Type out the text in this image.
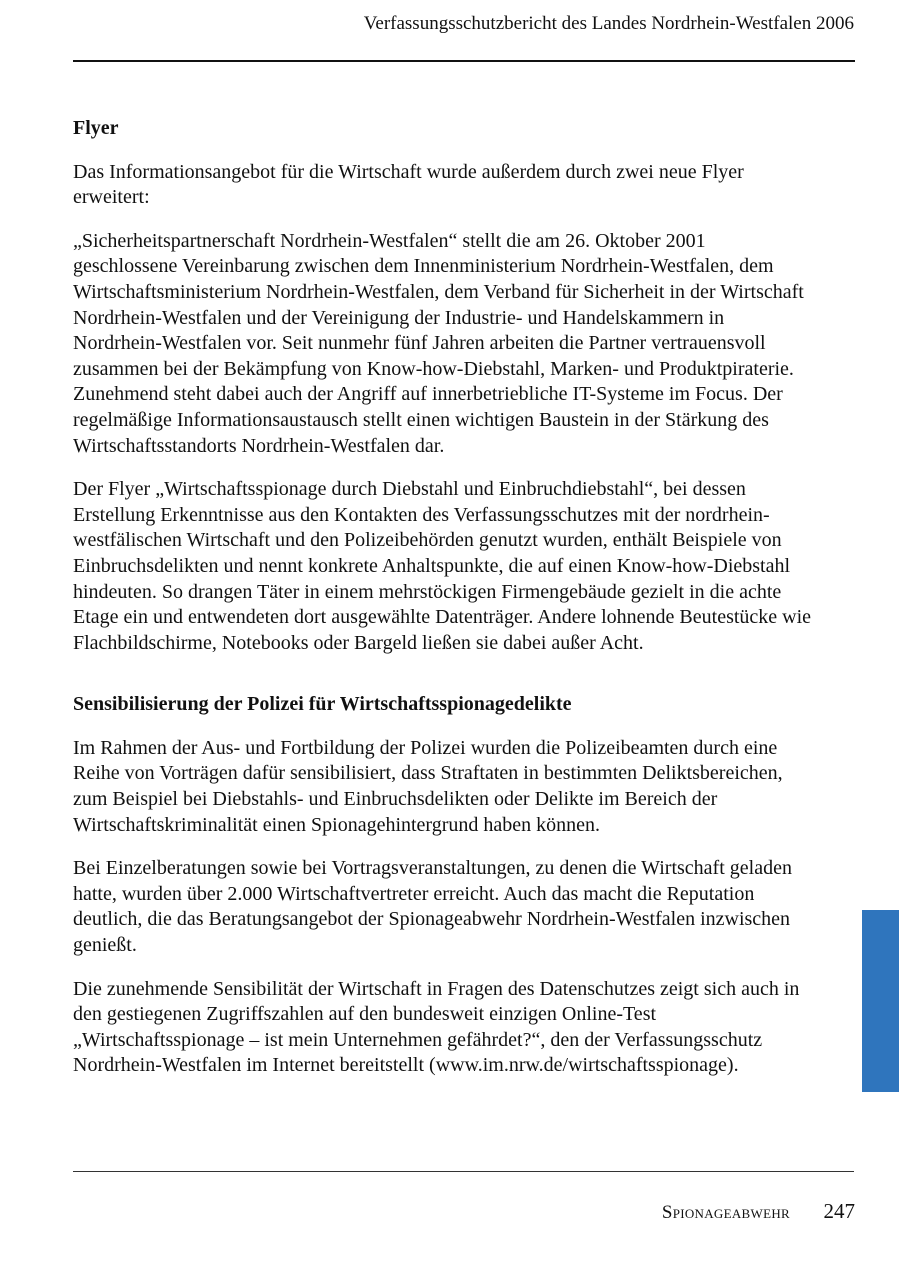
Verfassungsschutzbericht des Landes Nordrhein-Westfalen 2006
Flyer

Das Informationsangebot für die Wirtschaft wurde außerdem durch zwei neue Flyer erweitert:

„Sicherheitspartnerschaft Nordrhein-Westfalen“ stellt die am 26. Oktober 2001 geschlossene Vereinbarung zwischen dem Innenministerium Nordrhein-Westfalen, dem Wirtschaftsministerium Nordrhein-Westfalen, dem Verband für Sicherheit in der Wirtschaft Nordrhein-Westfalen und der Vereinigung der Industrie- und Handelskammern in Nordrhein-Westfalen vor. Seit nunmehr fünf Jahren arbeiten die Partner vertrauensvoll zusammen bei der Bekämpfung von Know-how-Diebstahl, Marken- und Produktpiraterie. Zunehmend steht dabei auch der Angriff auf innerbetriebliche IT-Systeme im Focus. Der regelmäßige Informationsaustausch stellt einen wichtigen Baustein in der Stärkung des Wirtschaftsstandorts Nordrhein-Westfalen dar.

Der Flyer „Wirtschaftsspionage durch Diebstahl und Einbruchdiebstahl“, bei dessen Erstellung Erkenntnisse aus den Kontakten des Verfassungsschutzes mit der nordrhein-westfälischen Wirtschaft und den Polizeibehörden genutzt wurden, enthält Beispiele von Einbruchsdelikten und nennt konkrete Anhaltspunkte, die auf einen Know-how-Diebstahl hindeuten. So drangen Täter in einem mehrstöckigen Firmengebäude gezielt in die achte Etage ein und entwendeten dort ausgewählte Datenträger. Andere lohnende Beutestücke wie Flachbildschirme, Notebooks oder Bargeld ließen sie dabei außer Acht.

Sensibilisierung der Polizei für Wirtschaftsspionagedelikte

Im Rahmen der Aus- und Fortbildung der Polizei wurden die Polizeibeamten durch eine Reihe von Vorträgen dafür sensibilisiert, dass Straftaten in bestimmten Deliktsbereichen, zum Beispiel bei Diebstahls- und Einbruchsdelikten oder Delikte im Bereich der Wirtschaftskriminalität einen Spionagehintergrund haben können.

Bei Einzelberatungen sowie bei Vortragsveranstaltungen, zu denen die Wirtschaft geladen hatte, wurden über 2.000 Wirtschaftvertreter erreicht. Auch das macht die Reputation deutlich, die das Beratungsangebot der Spionageabwehr Nordrhein-Westfalen inzwischen genießt.

Die zunehmende Sensibilität der Wirtschaft in Fragen des Datenschutzes zeigt sich auch in den gestiegenen Zugriffszahlen auf den bundesweit einzigen Online-Test „Wirtschaftsspionage – ist mein Unternehmen gefährdet?“, den der Verfassungsschutz Nordrhein-Westfalen im Internet bereitstellt (www.im.nrw.de/wirtschaftsspionage).

Spionageabwehr	247
